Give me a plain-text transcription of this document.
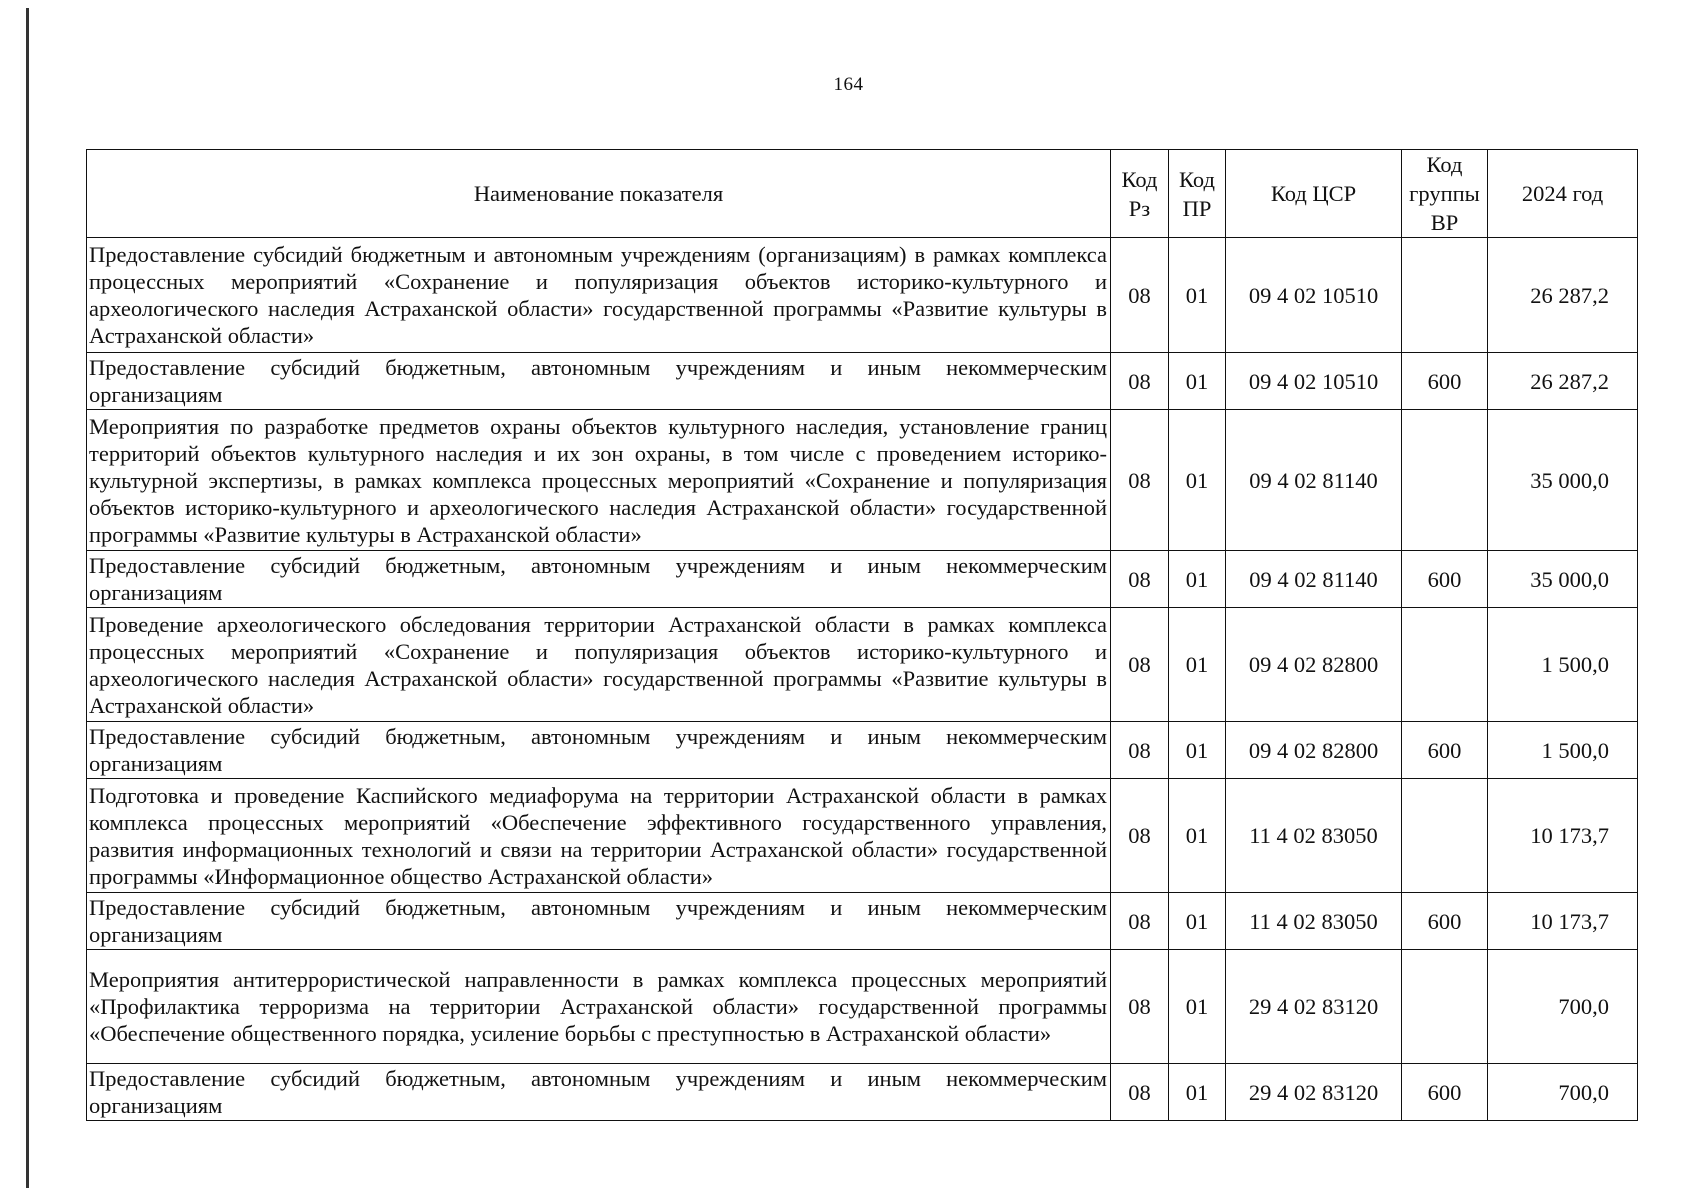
164
Наименование показателя	Код Рз	Код ПР	Код ЦСР	Код группы ВР	2024 год
Предоставление субсидий бюджетным и автономным учреждениям (организациям) в рамках комплекса процессных мероприятий «Сохранение и популяризация объектов историко-культурного и археологического наследия Астраханской области» государственной программы «Развитие культуры в Астраханской области»	08	01	09 4 02 10510		26 287,2
Предоставление субсидий бюджетным, автономным учреждениям и иным некоммерческим организациям	08	01	09 4 02 10510	600	26 287,2
Мероприятия по разработке предметов охраны объектов культурного наследия, установление границ территорий объектов культурного наследия и их зон охраны, в том числе с проведением историко-культурной экспертизы, в рамках комплекса процессных мероприятий «Сохранение и популяризация объектов историко-культурного и археологического наследия Астраханской области» государственной программы «Развитие культуры в Астраханской области»	08	01	09 4 02 81140		35 000,0
Предоставление субсидий бюджетным, автономным учреждениям и иным некоммерческим организациям	08	01	09 4 02 81140	600	35 000,0
Проведение археологического обследования территории Астраханской области в рамках комплекса процессных мероприятий «Сохранение и популяризация объектов историко-культурного и археологического наследия Астраханской области» государственной программы «Развитие культуры в Астраханской области»	08	01	09 4 02 82800		1 500,0
Предоставление субсидий бюджетным, автономным учреждениям и иным некоммерческим организациям	08	01	09 4 02 82800	600	1 500,0
Подготовка и проведение Каспийского медиафорума на территории Астраханской области в рамках комплекса процессных мероприятий «Обеспечение эффективного государственного управления, развития информационных технологий и связи на территории Астраханской области» государственной программы «Информационное общество Астраханской области»	08	01	11 4 02 83050		10 173,7
Предоставление субсидий бюджетным, автономным учреждениям и иным некоммерческим организациям	08	01	11 4 02 83050	600	10 173,7
Мероприятия антитеррористической направленности в рамках комплекса процессных мероприятий «Профилактика терроризма на территории Астраханской области» государственной программы «Обеспечение общественного порядка, усиление борьбы с преступностью в Астраханской области»	08	01	29 4 02 83120		700,0
Предоставление субсидий бюджетным, автономным учреждениям и иным некоммерческим организациям	08	01	29 4 02 83120	600	700,0
